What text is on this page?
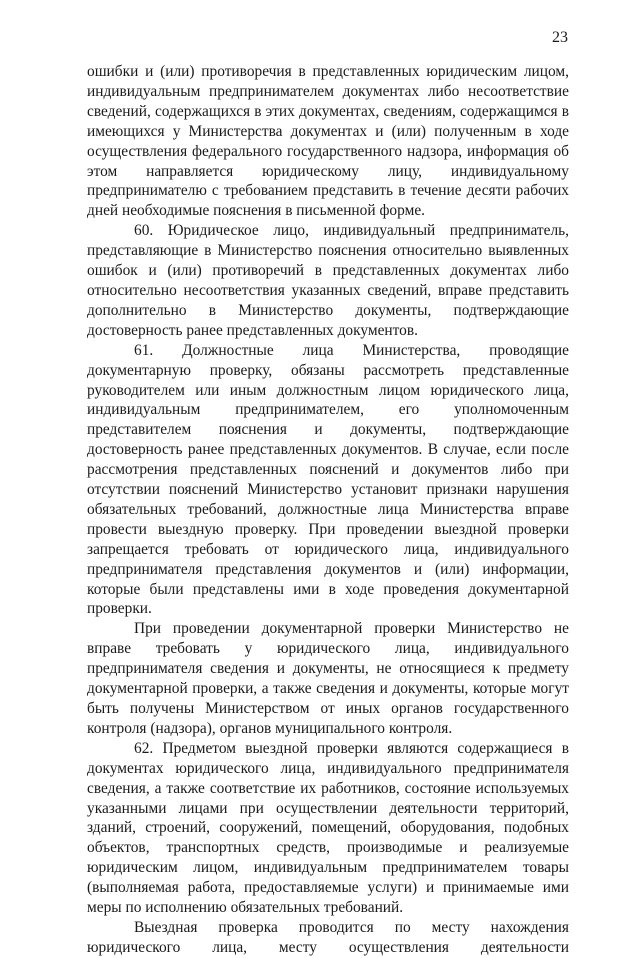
23

ошибки и (или) противоречия в представленных юридическим лицом, индивидуальным предпринимателем документах либо несоответствие сведений, содержащихся в этих документах, сведениям, содержащимся в имеющихся у Министерства документах и (или) полученным в ходе осуществления федерального государственного надзора, информация об этом направляется юридическому лицу, индивидуальному предпринимателю с требованием представить в течение десяти рабочих дней необходимые пояснения в письменной форме.

60. Юридическое лицо, индивидуальный предприниматель, представляющие в Министерство пояснения относительно выявленных ошибок и (или) противоречий в представленных документах либо относительно несоответствия указанных сведений, вправе представить дополнительно в Министерство документы, подтверждающие достоверность ранее представленных документов.

61. Должностные лица Министерства, проводящие документарную проверку, обязаны рассмотреть представленные руководителем или иным должностным лицом юридического лица, индивидуальным предпринимателем, его уполномоченным представителем пояснения и документы, подтверждающие достоверность ранее представленных документов. В случае, если после рассмотрения представленных пояснений и документов либо при отсутствии пояснений Министерство установит признаки нарушения обязательных требований, должностные лица Министерства вправе провести выездную проверку. При проведении выездной проверки запрещается требовать от юридического лица, индивидуального предпринимателя представления документов и (или) информации, которые были представлены ими в ходе проведения документарной проверки.

При проведении документарной проверки Министерство не вправе требовать у юридического лица, индивидуального предпринимателя сведения и документы, не относящиеся к предмету документарной проверки, а также сведения и документы, которые могут быть получены Министерством от иных органов государственного контроля (надзора), органов муниципального контроля.

62. Предметом выездной проверки являются содержащиеся в документах юридического лица, индивидуального предпринимателя сведения, а также соответствие их работников, состояние используемых указанными лицами при осуществлении деятельности территорий, зданий, строений, сооружений, помещений, оборудования, подобных объектов, транспортных средств, производимые и реализуемые юридическим лицом, индивидуальным предпринимателем товары (выполняемая работа, предоставляемые услуги) и принимаемые ими меры по исполнению обязательных требований.

Выездная проверка проводится по месту нахождения юридического лица, месту осуществления деятельности
